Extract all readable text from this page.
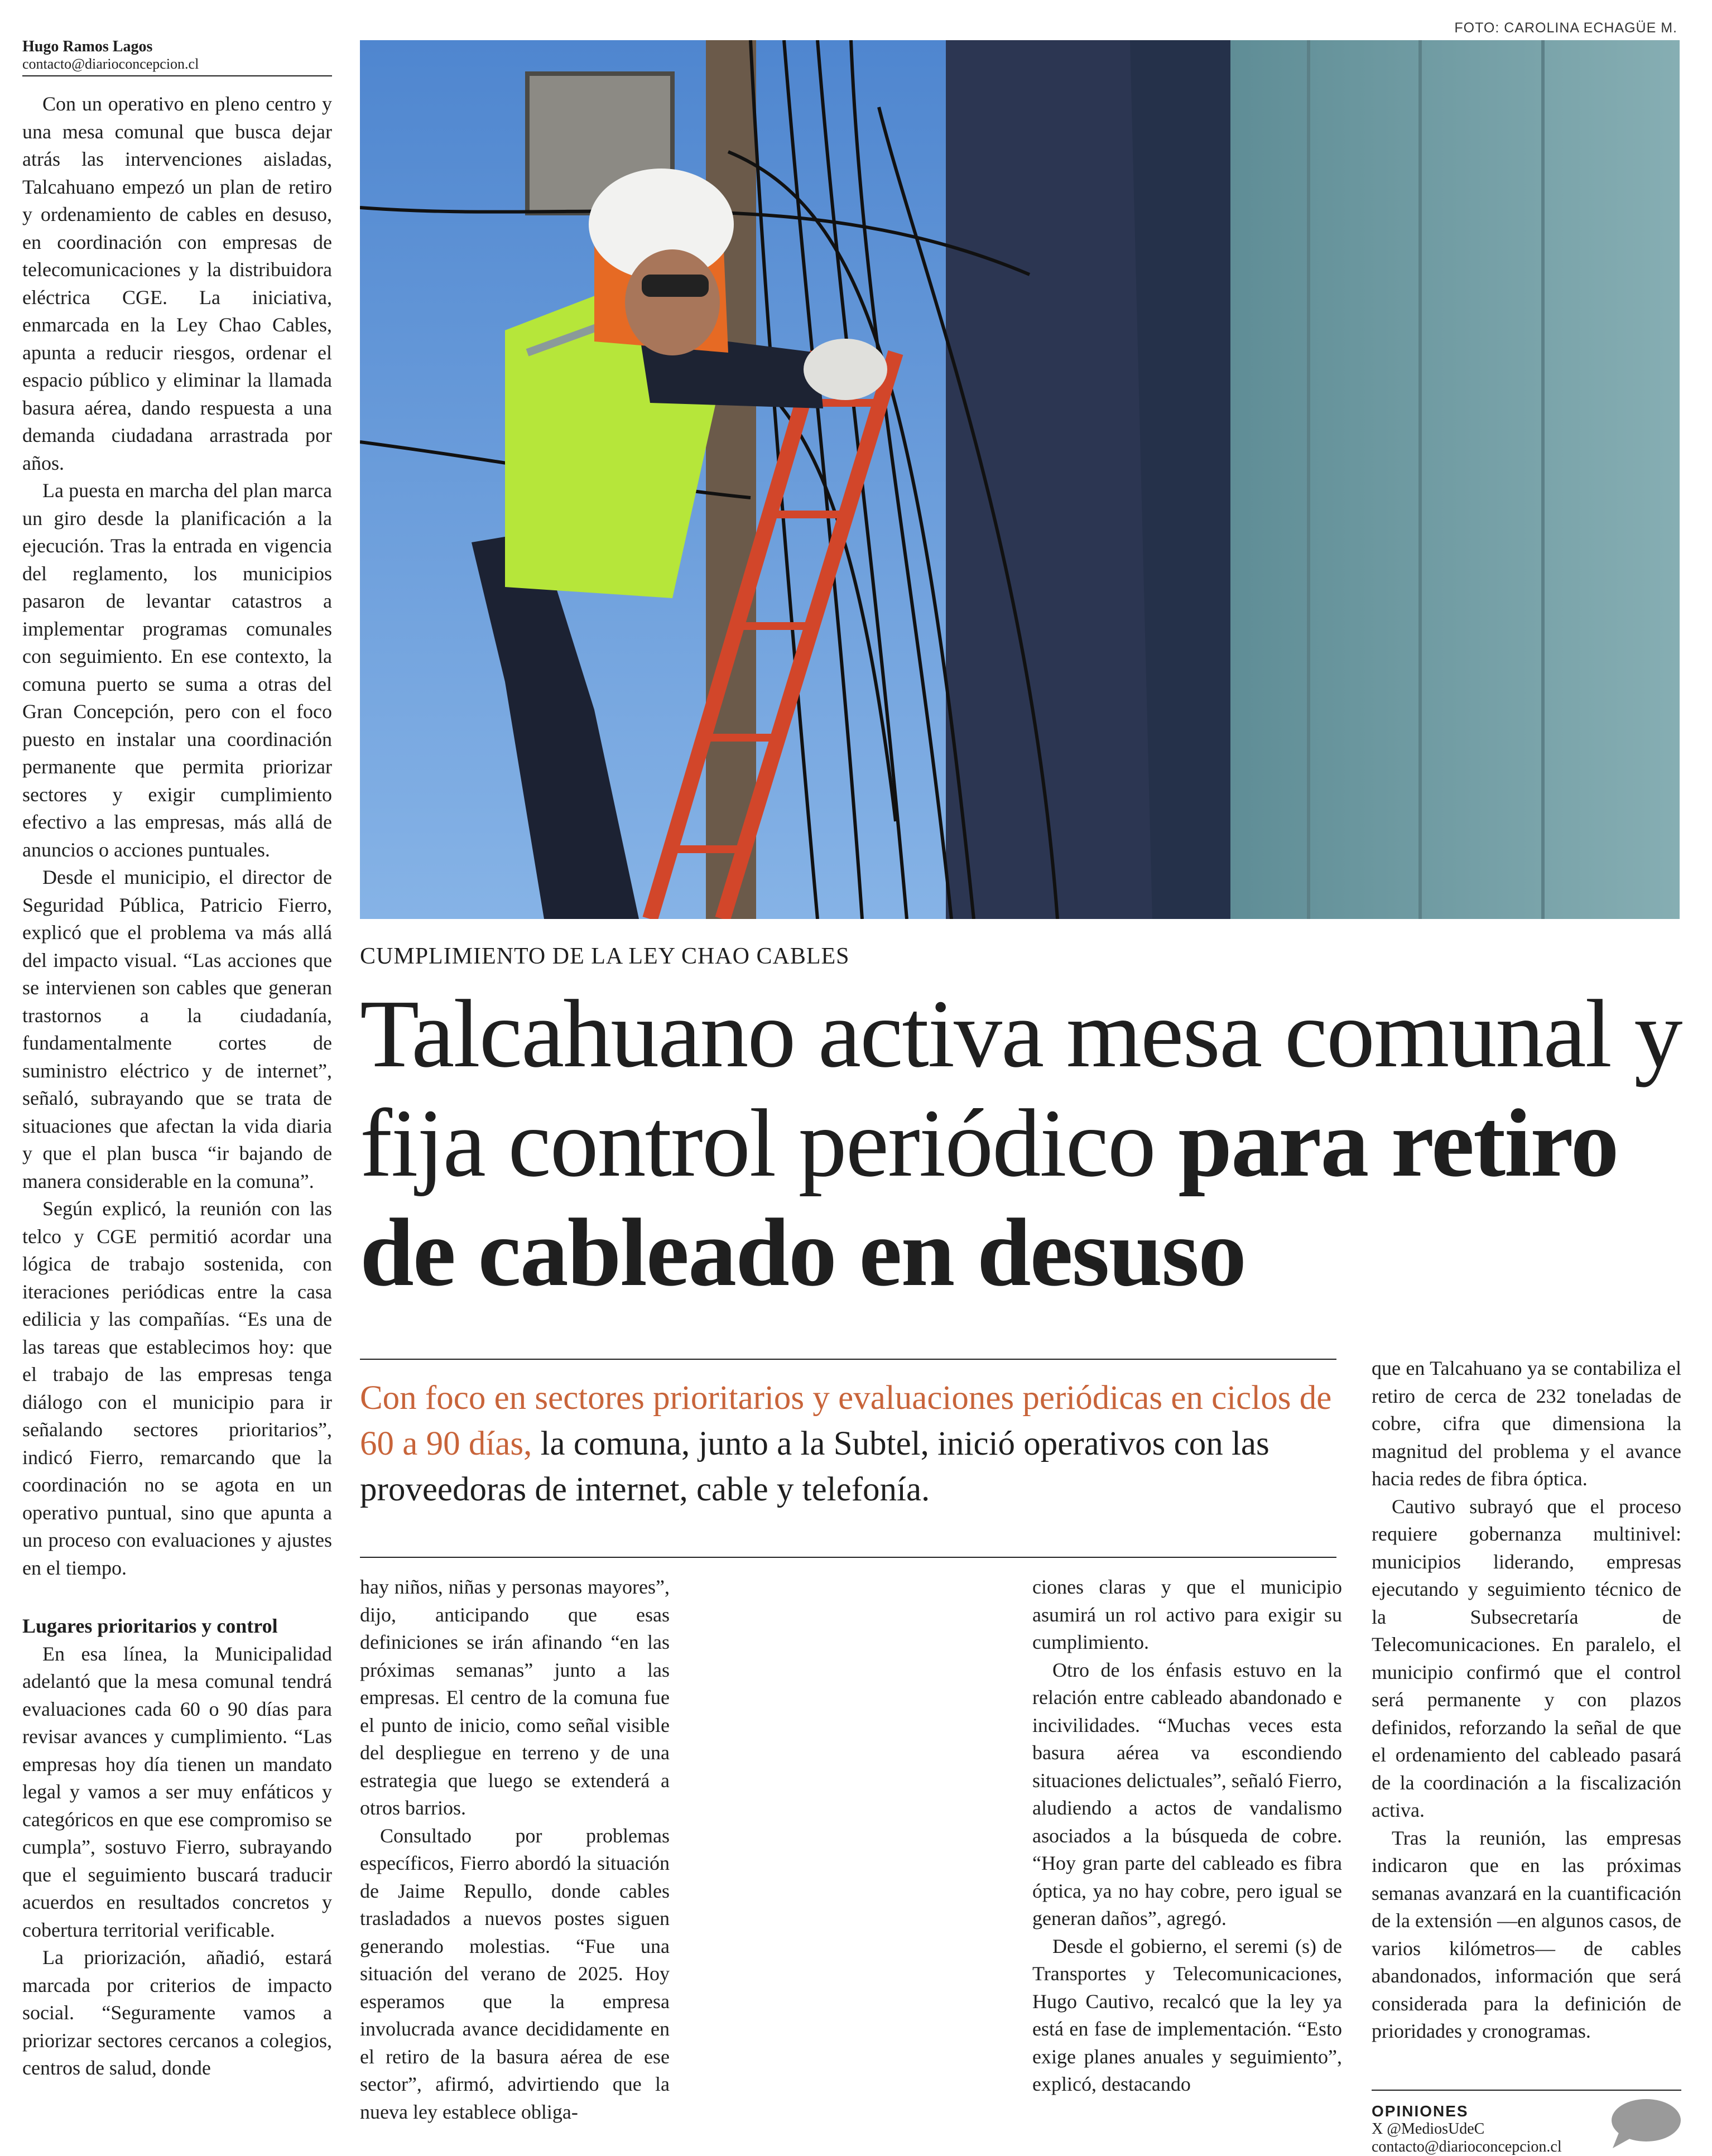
Hugo Ramos Lagos
contacto@diarioconcepcion.cl

Con un operativo en pleno centro y una mesa comunal que busca dejar atrás las intervenciones aisladas, Talcahuano empezó un plan de retiro y ordenamiento de cables en desuso, en coordinación con empresas de telecomunicaciones y la distribuidora eléctrica CGE. La iniciativa, enmarcada en la Ley Chao Cables, apunta a reducir riesgos, ordenar el espacio público y eliminar la llamada basura aérea, dando respuesta a una demanda ciudadana arrastrada por años.

La puesta en marcha del plan marca un giro desde la planificación a la ejecución. Tras la entrada en vigencia del reglamento, los municipios pasaron de levantar catastros a implementar programas comunales con seguimiento. En ese contexto, la comuna puerto se suma a otras del Gran Concepción, pero con el foco puesto en instalar una coordinación permanente que permita priorizar sectores y exigir cumplimiento efectivo a las empresas, más allá de anuncios o acciones puntuales.

Desde el municipio, el director de Seguridad Pública, Patricio Fierro, explicó que el problema va más allá del impacto visual. “Las acciones que se intervienen son cables que generan trastornos a la ciudadanía, fundamentalmente cortes de suministro eléctrico y de internet”, señaló, subrayando que se trata de situaciones que afectan la vida diaria y que el plan busca “ir bajando de manera considerable en la comuna”.

Según explicó, la reunión con las telco y CGE permitió acordar una lógica de trabajo sostenida, con iteraciones periódicas entre la casa edilicia y las compañías. “Es una de las tareas que establecimos hoy: que el trabajo de las empresas tenga diálogo con el municipio para ir señalando sectores prioritarios”, indicó Fierro, remarcando que la coordinación no se agota en un operativo puntual, sino que apunta a un proceso con evaluaciones y ajustes en el tiempo.

Lugares prioritarios y control

En esa línea, la Municipalidad adelantó que la mesa comunal tendrá evaluaciones cada 60 o 90 días para revisar avances y cumplimiento. “Las empresas hoy día tienen un mandato legal y vamos a ser muy enfáticos y categóricos en que ese compromiso se cumpla”, sostuvo Fierro, subrayando que el seguimiento buscará traducir acuerdos en resultados concretos y cobertura territorial verificable.

La priorización, añadió, estará marcada por criterios de impacto social. “Seguramente vamos a priorizar sectores cercanos a colegios, centros de salud, donde

FOTO: CAROLINA ECHAGÜE M.
CUMPLIMIENTO DE LA LEY CHAO CABLES
Talcahuano activa mesa comunal y fija control periódico para retiro de cableado en desuso
Con foco en sectores prioritarios y evaluaciones periódicas en ciclos de 60 a 90 días, la comuna, junto a la Subtel, inició operativos con las proveedoras de internet, cable y telefonía.

hay niños, niñas y personas mayores”, dijo, anticipando que esas definiciones se irán afinando “en las próximas semanas” junto a las empresas. El centro de la comuna fue el punto de inicio, como señal visible del despliegue en terreno y de una estrategia que luego se extenderá a otros barrios.

Consultado por problemas específicos, Fierro abordó la situación de Jaime Repullo, donde cables trasladados a nuevos postes siguen generando molestias. “Fue una situación del verano de 2025. Hoy esperamos que la empresa involucrada avance decididamente en el retiro de la basura aérea de ese sector”, afirmó, advirtiendo que la nueva ley establece obliga-

ciones claras y que el municipio asumirá un rol activo para exigir su cumplimiento.

Otro de los énfasis estuvo en la relación entre cableado abandonado e incivilidades. “Muchas veces esta basura aérea va escondiendo situaciones delictuales”, señaló Fierro, aludiendo a actos de vandalismo asociados a la búsqueda de cobre. “Hoy gran parte del cableado es fibra óptica, ya no hay cobre, pero igual se generan daños”, agregó.

Desde el gobierno, el seremi (s) de Transportes y Telecomunicaciones, Hugo Cautivo, recalcó que la ley ya está en fase de implementación. “Esto exige planes anuales y seguimiento”, explicó, destacando

que en Talcahuano ya se contabiliza el retiro de cerca de 232 toneladas de cobre, cifra que dimensiona la magnitud del problema y el avance hacia redes de fibra óptica.

Cautivo subrayó que el proceso requiere gobernanza multinivel: municipios liderando, empresas ejecutando y seguimiento técnico de la Subsecretaría de Telecomunicaciones. En paralelo, el municipio confirmó que el control será permanente y con plazos definidos, reforzando la señal de que el ordenamiento del cableado pasará de la coordinación a la fiscalización activa.

Tras la reunión, las empresas indicaron que en las próximas semanas avanzará en la cuantificación de la extensión —en algunos casos, de varios kilómetros— de cables abandonados, información que será considerada para la definición de prioridades y cronogramas.

OPINIONES
X @MediosUdeC
contacto@diarioconcepcion.cl
